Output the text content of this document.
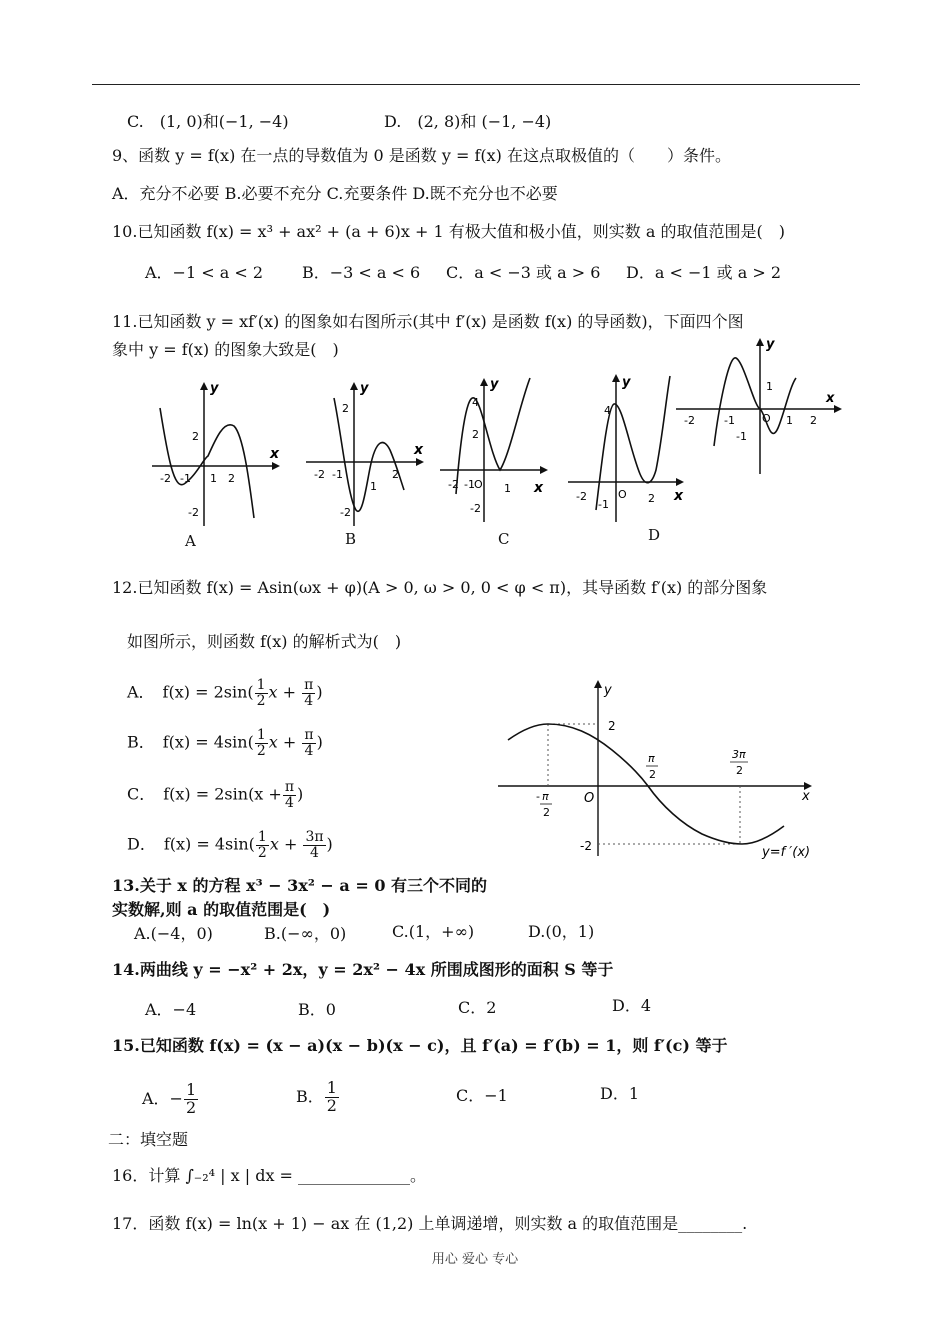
C.　(1, 0)和(−1, −4)	D.　(2, 8)和 (−1, −4)
9、函数 y = f(x) 在一点的导数值为 0 是函数 y = f(x) 在这点取极值的（　　）条件。
A．充分不必要 B.必要不充分 C.充要条件 D.既不充分也不必要
10.已知函数 f(x) = x³ + ax² + (a + 6)x + 1 有极大值和极小值，则实数 a 的取值范围是(　)
A．−1 < a < 2 B．−3 < a < 6 C．a < −3 或 a > 6 D．a < −1 或 a > 2
11.已知函数 y = xf′(x) 的图象如右图所示(其中 f′(x) 是函数 f(x) 的导函数)，下面四个图
象中 y = f(x) 的图象大致是(　)	y
x
-2	-1 O 1 2
1
-1
y
x
-2 -1 1 2
2
-2
A
y
x
-2 -1
1
2
2
-2
B
y
x
-2 -1 O 1
4
2
-2
C
y
x
-2
-1
O 2
4
D
12.已知函数 f(x) = Asin(ωx + φ)(A > 0, ω > 0, 0 < φ < π)，其导函数 f′(x) 的部分图象
如图所示，则函数 f(x) 的解析式为(　)
A．　$f(x) = 2\sin( \frac{1}{2}$ $x + \frac{\pi}{4}$ )
B．　$f(x) = 4\sin( \frac{1}{2}$ $x + \frac{\pi}{4}$ )
C．　$f(x) = 2\sin(x + \frac{\pi}{4}$ )
D．　$f(x) = 4\sin( \frac{1}{2}$ $x + \frac{3\pi}{4}$ )
y
x
O
2
-2
- π
2
π
2
3π
2
y=f ′(x)
13.关于 x 的方程 x³ − 3x² − a = 0 有三个不同的
实数解,则 a 的取值范围是(　)
A.(−4，0)	B.(−∞，0)	C.(1，+∞)	D.(0，1)
14.两曲线 y = −x² + 2x，y = 2x² − 4x 所围成图形的面积 S 等于
A．−4	B．0	C．2	D．4
15.已知函数 f(x) = (x − a)(x − b)(x − c)，且 f′(a) = f′(b) = 1，则 f′(c) 等于
A．− $\frac{1}{2}$	B． $\frac{1}{2}$	C．−1	D．1
二：填空题
16．计算 ∫₋₂⁴ | x | dx = ______________。
17．函数 f(x) = ln(x + 1) − ax 在 (1,2) 上单调递增，则实数 a 的取值范围是________.
用心 爱心 专心
